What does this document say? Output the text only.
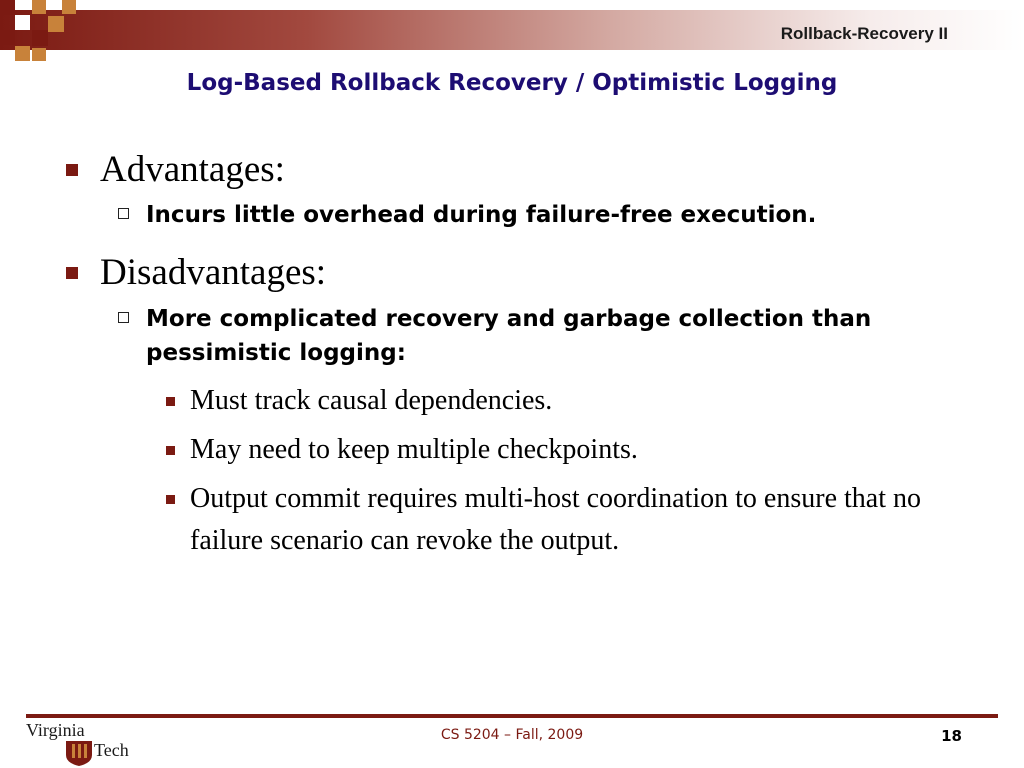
Rollback-Recovery II
Log-Based Rollback Recovery / Optimistic Logging
Advantages:
Incurs little overhead during failure-free execution.
Disadvantages:
More complicated recovery and garbage collection than pessimistic logging:
Must track causal dependencies.
May need to keep multiple checkpoints.
Output commit requires multi-host coordination to ensure that no failure scenario can revoke the output.
Virginia
Tech
CS 5204 – Fall, 2009	18
